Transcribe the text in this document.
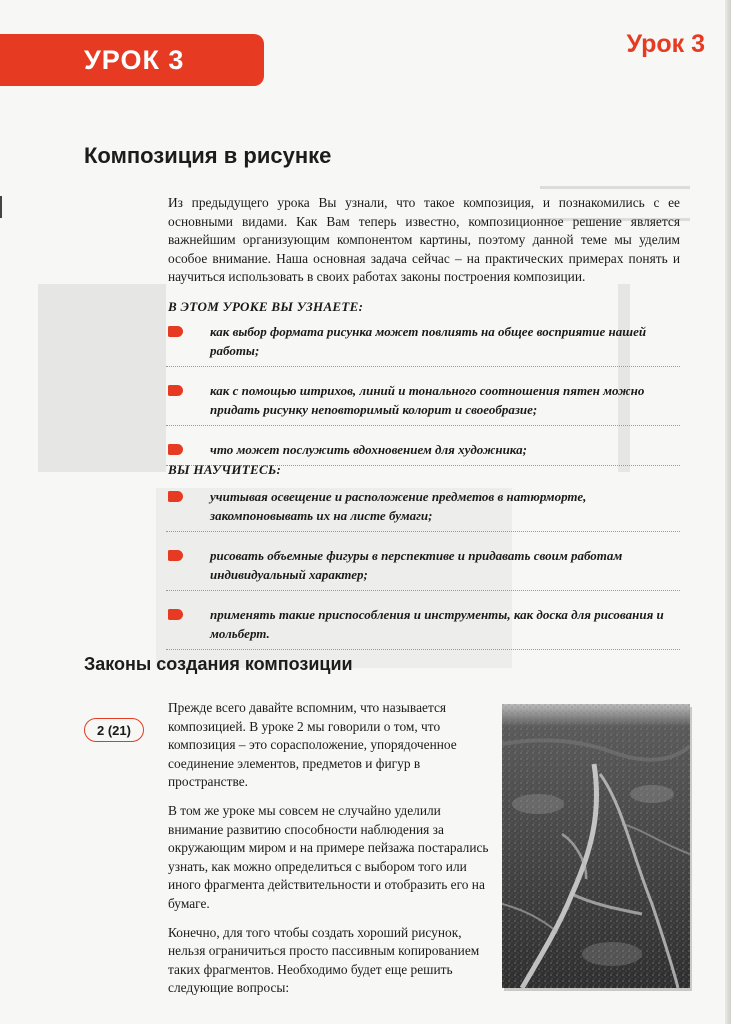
УРОК 3
Урок 3
Композиция в рисунке

Из предыдущего урока Вы узнали, что такое композиция, и познакомились с ее основными видами. Как Вам теперь известно, композиционное решение является важнейшим организующим компонентом картины, поэтому данной теме мы уделим особое внимание. Наша основная задача сейчас – на практических примерах понять и научиться использовать в своих работах законы построения композиции.

В ЭТОМ УРОКЕ ВЫ УЗНАЕТЕ:
как выбор формата рисунка может повлиять на общее восприятие нашей работы;
как с помощью штрихов, линий и тонального соотношения пятен можно придать рисунку неповторимый колорит и своеобразие;
что может послужить вдохновением для художника;
ВЫ НАУЧИТЕСЬ:
учитывая освещение и расположение предметов в натюрморте, закомпоновывать их на листе бумаги;
рисовать объемные фигуры в перспективе и придавать своим работам индивидуальный характер;
применять такие приспособления и инструменты, как доска для рисования и мольберт.
Законы создания композиции
2 (21)

Прежде всего давайте вспомним, что называется композицией. В уроке 2 мы говорили о том, что композиция – это сорасположение, упорядоченное соединение элементов, предметов и фигур в пространстве.

В том же уроке мы совсем не случайно уделили внимание развитию способности наблюдения за окружающим миром и на примере пейзажа постарались узнать, как можно определиться с выбором того или иного фрагмента действительности и отобразить его на бумаге.

Конечно, для того чтобы создать хороший рисунок, нельзя ограничиться просто пассивным копированием таких фрагментов. Необходимо будет еще решить следующие вопросы:
